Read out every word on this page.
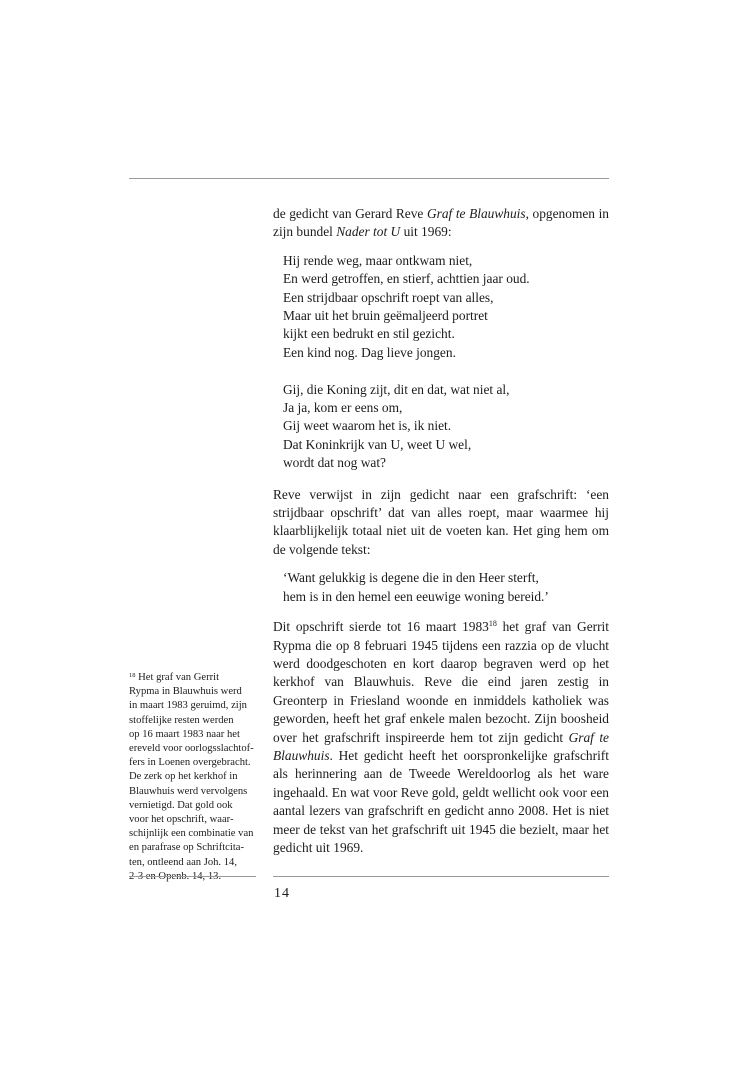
de gedicht van Gerard Reve Graf te Blauwhuis, opgenomen in zijn bundel Nader tot U uit 1969:

Hij rende weg, maar ontkwam niet,
En werd getroffen, en stierf, achttien jaar oud.
Een strijdbaar opschrift roept van alles,
Maar uit het bruin geëmaljeerd portret
kijkt een bedrukt en stil gezicht.
Een kind nog. Dag lieve jongen.
Gij, die Koning zijt, dit en dat, wat niet al,
Ja ja, kom er eens om,
Gij weet waarom het is, ik niet.
Dat Koninkrijk van U, weet U wel,
wordt dat nog wat?

Reve verwijst in zijn gedicht naar een grafschrift: ‘een strijdbaar opschrift’ dat van alles roept, maar waarmee hij klaarblijkelijk totaal niet uit de voeten kan. Het ging hem om de volgende tekst:

‘Want gelukkig is degene die in den Heer sterft,
hem is in den hemel een eeuwige woning bereid.’

Dit opschrift sierde tot 16 maart 1983$^{18}$ het graf van Gerrit Rypma die op 8 februari 1945 tijdens een razzia op de vlucht werd doodgeschoten en kort daarop begraven werd op het kerkhof van Blauwhuis. Reve die eind jaren zestig in Greonterp in Friesland woonde en inmiddels katholiek was geworden, heeft het graf enkele malen bezocht. Zijn boosheid over het grafschrift inspireerde hem tot zijn gedicht Graf te Blauwhuis. Het gedicht heeft het oorspronkelijke grafschrift als herinnering aan de Tweede Wereldoorlog als het ware ingehaald. En wat voor Reve gold, geldt wellicht ook voor een aantal lezers van grafschrift en gedicht anno 2008. Het is niet meer de tekst van het grafschrift uit 1945 die bezielt, maar het gedicht uit 1969.

$^{18}$ Het graf van Gerrit
Rypma in Blauwhuis werd
in maart 1983 geruimd, zijn
stoffelijke resten werden
op 16 maart 1983 naar het
ereveld voor oorlogsslachtof-
fers in Loenen overgebracht.
De zerk op het kerkhof in
Blauwhuis werd vervolgens
vernietigd. Dat gold ook
voor het opschrift, waar-
schijnlijk een combinatie van
en parafrase op Schriftcita-
ten, ontleend aan Joh. 14,
2-3 en Openb. 14, 13.
14
